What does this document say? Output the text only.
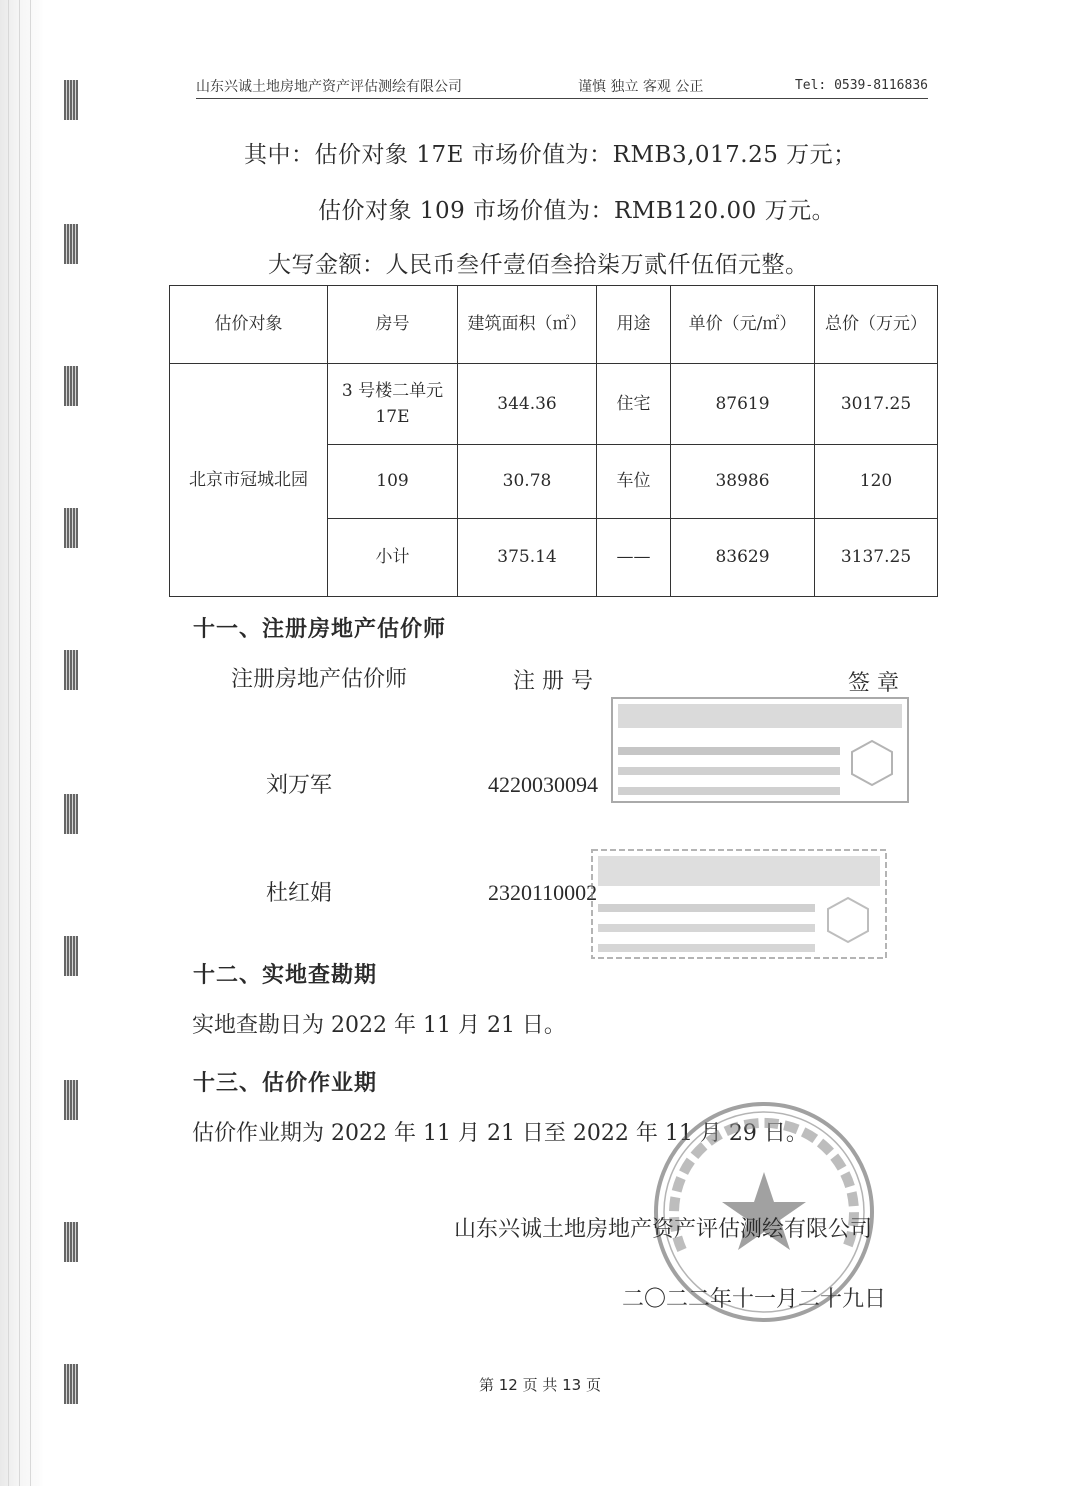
山东兴诚土地房地产资产评估测绘有限公司	谨慎 独立 客观 公正	Tel: 0539-8116836
其中：估价对象 17E 市场价值为：RMB3,017.25 万元；
估价对象 109 市场价值为：RMB120.00 万元。
大写金额：人民币叁仟壹佰叁拾柒万贰仟伍佰元整。
估价对象	房号	建筑面积（㎡）	用途	单价（元/㎡）	总价（万元）
北京市冠城北园	3 号楼二单元 17E	344.36	住宅	87619	3017.25
	109	30.78	车位	38986	120
	小计	375.14	——	83629	3137.25
十一、注册房地产估价师
注册房地产估价师	注 册 号	签 章
刘万军	4220030094
杜红娟	2320110002
十二、实地查勘期
实地查勘日为 2022 年 11 月 21 日。
十三、估价作业期
估价作业期为 2022 年 11 月 21 日至 2022 年 11 月 29 日。
山东兴诚土地房地产资产评估测绘有限公司
二〇二二年十一月二十九日
第 12 页 共 13 页
